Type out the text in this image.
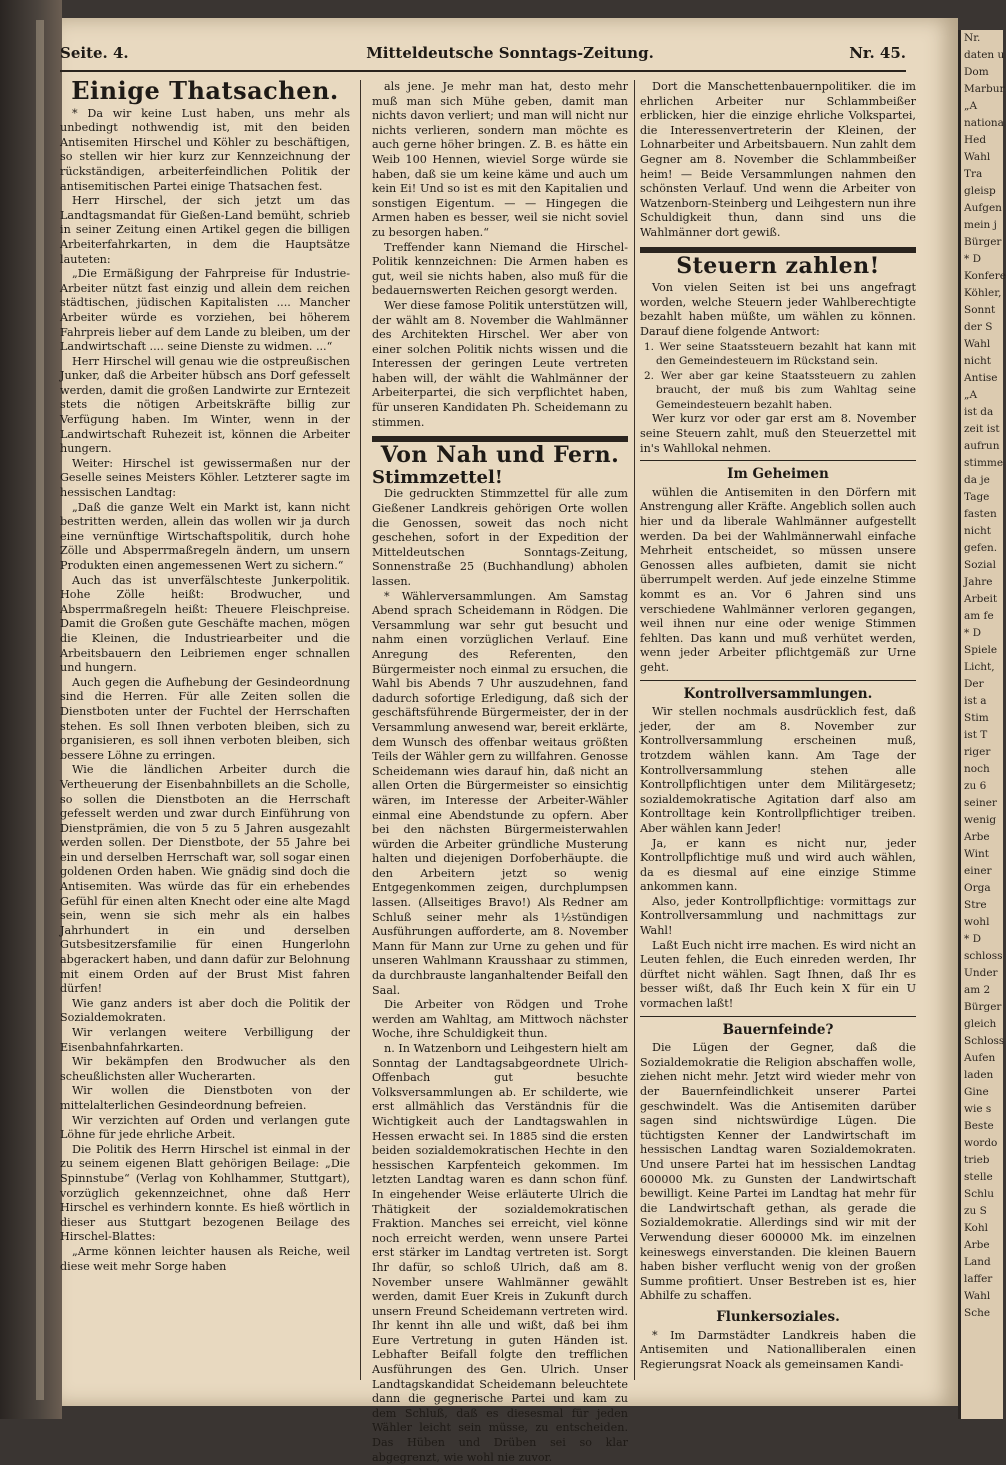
Nr.
daten u
Dom
Marbur
„A
nationa
Hed
Wahl
Tra
gleisp
Aufgen
mein j
Bürger
* D
Konfere
Köhler,
Sonnt
der S
Wahl
nicht
Antise
„A
ist da
zeit ist
aufrun
stimme
da je
Tage
fasten
nicht
gefen.
Sozial
Jahre
Arbeit
am fe
* D
Spiele
Licht,
Der
ist a
Stim
ist T
riger
noch
zu 6
seiner
wenig
Arbe
Wint
einer
Orga
Stre
wohl
* D
schloss
Under
am 2
Bürger
gleich
Schloss
Aufen
laden
Gine
wie s
Beste
wordo
trieb
stelle
Schlu
zu S
Kohl
Arbe
Land
laffer
Wahl
Sche
Seite. 4.	Mitteldeutsche Sonntags-Zeitung.	Nr. 45.
Einige Thatsachen.

* Da wir keine Lust haben, uns mehr als unbedingt nothwendig ist, mit den beiden Antisemiten Hirschel und Köhler zu beschäftigen, so stellen wir hier kurz zur Kennzeichnung der rückständigen, arbeiterfeindlichen Politik der antisemitischen Partei einige Thatsachen fest.

Herr Hirschel, der sich jetzt um das Landtagsmandat für Gießen-Land bemüht, schrieb in seiner Zeitung einen Artikel gegen die billigen Arbeiterfahrkarten, in dem die Hauptsätze lauteten:

„Die Ermäßigung der Fahrpreise für Industrie-Arbeiter nützt fast einzig und allein dem reichen städtischen, jüdischen Kapitalisten .... Mancher Arbeiter würde es vorziehen, bei höherem Fahrpreis lieber auf dem Lande zu bleiben, um der Landwirtschaft .... seine Dienste zu widmen. ...“

Herr Hirschel will genau wie die ostpreußischen Junker, daß die Arbeiter hübsch ans Dorf gefesselt werden, damit die großen Landwirte zur Erntezeit stets die nötigen Arbeitskräfte billig zur Verfügung haben. Im Winter, wenn in der Landwirtschaft Ruhezeit ist, können die Arbeiter hungern.

Weiter: Hirschel ist gewissermaßen nur der Geselle seines Meisters Köhler. Letzterer sagte im hessischen Landtag:

„Daß die ganze Welt ein Markt ist, kann nicht bestritten werden, allein das wollen wir ja durch eine vernünftige Wirtschaftspolitik, durch hohe Zölle und Absperrmaßregeln ändern, um unsern Produkten einen angemessenen Wert zu sichern.“

Auch das ist unverfälschteste Junkerpolitik. Hohe Zölle heißt: Brodwucher, und Absperrmaßregeln heißt: Theuere Fleischpreise. Damit die Großen gute Geschäfte machen, mögen die Kleinen, die Industriearbeiter und die Arbeitsbauern den Leibriemen enger schnallen und hungern.

Auch gegen die Aufhebung der Gesindeordnung sind die Herren. Für alle Zeiten sollen die Dienstboten unter der Fuchtel der Herrschaften stehen. Es soll Ihnen verboten bleiben, sich zu organisieren, es soll ihnen verboten bleiben, sich bessere Löhne zu erringen.

Wie die ländlichen Arbeiter durch die Vertheuerung der Eisenbahnbillets an die Scholle, so sollen die Dienstboten an die Herrschaft gefesselt werden und zwar durch Einführung von Dienstprämien, die von 5 zu 5 Jahren ausgezahlt werden sollen. Der Dienstbote, der 55 Jahre bei ein und derselben Herrschaft war, soll sogar einen goldenen Orden haben. Wie gnädig sind doch die Antisemiten. Was würde das für ein erhebendes Gefühl für einen alten Knecht oder eine alte Magd sein, wenn sie sich mehr als ein halbes Jahrhundert in ein und derselben Gutsbesitzersfamilie für einen Hungerlohn abgerackert haben, und dann dafür zur Belohnung mit einem Orden auf der Brust Mist fahren dürfen!

Wie ganz anders ist aber doch die Politik der Sozialdemokraten.

Wir verlangen weitere Verbilligung der Eisenbahnfahrkarten.

Wir bekämpfen den Brodwucher als den scheußlichsten aller Wucherarten.

Wir wollen die Dienstboten von der mittelalterlichen Gesindeordnung befreien.

Wir verzichten auf Orden und verlangen gute Löhne für jede ehrliche Arbeit.

Die Politik des Herrn Hirschel ist einmal in der zu seinem eigenen Blatt gehörigen Beilage: „Die Spinnstube“ (Verlag von Kohlhammer, Stuttgart), vorzüglich gekennzeichnet, ohne daß Herr Hirschel es verhindern konnte. Es hieß wörtlich in dieser aus Stuttgart bezogenen Beilage des Hirschel-Blattes:

„Arme können leichter hausen als Reiche, weil diese weit mehr Sorge haben

als jene. Je mehr man hat, desto mehr muß man sich Mühe geben, damit man nichts davon verliert; und man will nicht nur nichts verlieren, sondern man möchte es auch gerne höher bringen. Z. B. es hätte ein Weib 100 Hennen, wieviel Sorge würde sie haben, daß sie um keine käme und auch um kein Ei! Und so ist es mit den Kapitalien und sonstigen Eigentum. — — Hingegen die Armen haben es besser, weil sie nicht soviel zu besorgen haben.“

Treffender kann Niemand die Hirschel-Politik kennzeichnen: Die Armen haben es gut, weil sie nichts haben, also muß für die bedauernswerten Reichen gesorgt werden.

Wer diese famose Politik unterstützen will, der wählt am 8. November die Wahlmänner des Architekten Hirschel. Wer aber von einer solchen Politik nichts wissen und die Interessen der geringen Leute vertreten haben will, der wählt die Wahlmänner der Arbeiterpartei, die sich verpflichtet haben, für unseren Kandidaten Ph. Scheidemann zu stimmen.

Von Nah und Fern.
Stimmzettel!

Die gedruckten Stimmzettel für alle zum Gießener Landkreis gehörigen Orte wollen die Genossen, soweit das noch nicht geschehen, sofort in der Expedition der Mitteldeutschen Sonntags-Zeitung, Sonnenstraße 25 (Buchhandlung) abholen lassen.

* Wählerversammlungen. Am Samstag Abend sprach Scheidemann in Rödgen. Die Versammlung war sehr gut besucht und nahm einen vorzüglichen Verlauf. Eine Anregung des Referenten, den Bürgermeister noch einmal zu ersuchen, die Wahl bis Abends 7 Uhr auszudehnen, fand dadurch sofortige Erledigung, daß sich der geschäftsführende Bürgermeister, der in der Versammlung anwesend war, bereit erklärte, dem Wunsch des offenbar weitaus größten Teils der Wähler gern zu willfahren. Genosse Scheidemann wies darauf hin, daß nicht an allen Orten die Bürgermeister so einsichtig wären, im Interesse der Arbeiter-Wähler einmal eine Abendstunde zu opfern. Aber bei den nächsten Bürgermeisterwahlen würden die Arbeiter gründliche Musterung halten und diejenigen Dorfoberhäupte. die den Arbeitern jetzt so wenig Entgegenkommen zeigen, durchplumpsen lassen. (Allseitiges Bravo!) Als Redner am Schluß seiner mehr als 1½stündigen Ausführungen aufforderte, am 8. November Mann für Mann zur Urne zu gehen und für unseren Wahlmann Krausshaar zu stimmen, da durchbrauste langanhaltender Beifall den Saal.

Die Arbeiter von Rödgen und Trohe werden am Wahltag, am Mittwoch nächster Woche, ihre Schuldigkeit thun.

n. In Watzenborn und Leihgestern hielt am Sonntag der Landtagsabgeordnete Ulrich-Offenbach gut besuchte Volksversammlungen ab. Er schilderte, wie erst allmählich das Verständnis für die Wichtigkeit auch der Landtagswahlen in Hessen erwacht sei. In 1885 sind die ersten beiden sozialdemokratischen Hechte in den hessischen Karpfenteich gekommen. Im letzten Landtag waren es dann schon fünf. In eingehender Weise erläuterte Ulrich die Thätigkeit der sozialdemokratischen Fraktion. Manches sei erreicht, viel könne noch erreicht werden, wenn unsere Partei erst stärker im Landtag vertreten ist. Sorgt Ihr dafür, so schloß Ulrich, daß am 8. November unsere Wahlmänner gewählt werden, damit Euer Kreis in Zukunft durch unsern Freund Scheidemann vertreten wird. Ihr kennt ihn alle und wißt, daß bei ihm Eure Vertretung in guten Händen ist. Lebhafter Beifall folgte den trefflichen Ausführungen des Gen. Ulrich. Unser Landtagskandidat Scheidemann beleuchtete dann die gegnerische Partei und kam zu dem Schluß, daß es diesesmal für jeden Wähler leicht sein müsse, zu entscheiden. Das Hüben und Drüben sei so klar abgegrenzt, wie wohl nie zuvor.

Dort die Manschettenbauernpolitiker. die im ehrlichen Arbeiter nur Schlammbeißer erblicken, hier die einzige ehrliche Volkspartei, die Interessenvertreterin der Kleinen, der Lohnarbeiter und Arbeitsbauern. Nun zahlt dem Gegner am 8. November die Schlammbeißer heim! — Beide Versammlungen nahmen den schönsten Verlauf. Und wenn die Arbeiter von Watzenborn-Steinberg und Leihgestern nun ihre Schuldigkeit thun, dann sind uns die Wahlmänner dort gewiß.

Steuern zahlen!

Von vielen Seiten ist bei uns angefragt worden, welche Steuern jeder Wahlberechtigte bezahlt haben müßte, um wählen zu können. Darauf diene folgende Antwort:

1. Wer seine Staatssteuern bezahlt hat kann mit den Gemeindesteuern im Rückstand sein.

2. Wer aber gar keine Staatssteuern zu zahlen braucht, der muß bis zum Wahltag seine Gemeindesteuern bezahlt haben.

Wer kurz vor oder gar erst am 8. November seine Steuern zahlt, muß den Steuerzettel mit in's Wahllokal nehmen.

Im Geheimen

wühlen die Antisemiten in den Dörfern mit Anstrengung aller Kräfte. Angeblich sollen auch hier und da liberale Wahlmänner aufgestellt werden. Da bei der Wahlmännerwahl einfache Mehrheit entscheidet, so müssen unsere Genossen alles aufbieten, damit sie nicht überrumpelt werden. Auf jede einzelne Stimme kommt es an. Vor 6 Jahren sind uns verschiedene Wahlmänner verloren gegangen, weil ihnen nur eine oder wenige Stimmen fehlten. Das kann und muß verhütet werden, wenn jeder Arbeiter pflichtgemäß zur Urne geht.

Kontrollversammlungen.

Wir stellen nochmals ausdrücklich fest, daß jeder, der am 8. November zur Kontrollversammlung erscheinen muß, trotzdem wählen kann. Am Tage der Kontrollversammlung stehen alle Kontrollpflichtigen unter dem Militärgesetz; sozialdemokratische Agitation darf also am Kontrolltage kein Kontrollpflichtiger treiben. Aber wählen kann Jeder!

Ja, er kann es nicht nur, jeder Kontrollpflichtige muß und wird auch wählen, da es diesmal auf eine einzige Stimme ankommen kann.

Also, jeder Kontrollpflichtige: vormittags zur Kontrollversammlung und nachmittags zur Wahl!

Laßt Euch nicht irre machen. Es wird nicht an Leuten fehlen, die Euch einreden werden, Ihr dürftet nicht wählen. Sagt Ihnen, daß Ihr es besser wißt, daß Ihr Euch kein X für ein U vormachen laßt!

Bauernfeinde?

Die Lügen der Gegner, daß die Sozialdemokratie die Religion abschaffen wolle, ziehen nicht mehr. Jetzt wird wieder mehr von der Bauernfeindlichkeit unserer Partei geschwindelt. Was die Antisemiten darüber sagen sind nichtswürdige Lügen. Die tüchtigsten Kenner der Landwirtschaft im hessischen Landtag waren Sozialdemokraten. Und unsere Partei hat im hessischen Landtag 600000 Mk. zu Gunsten der Landwirtschaft bewilligt. Keine Partei im Landtag hat mehr für die Landwirtschaft gethan, als gerade die Sozialdemokratie. Allerdings sind wir mit der Verwendung dieser 600000 Mk. im einzelnen keineswegs einverstanden. Die kleinen Bauern haben bisher verflucht wenig von der großen Summe profitiert. Unser Bestreben ist es, hier Abhilfe zu schaffen.

Flunkersoziales.

* Im Darmstädter Landkreis haben die Antisemiten und Nationalliberalen einen Regierungsrat Noack als gemeinsamen Kandi-
